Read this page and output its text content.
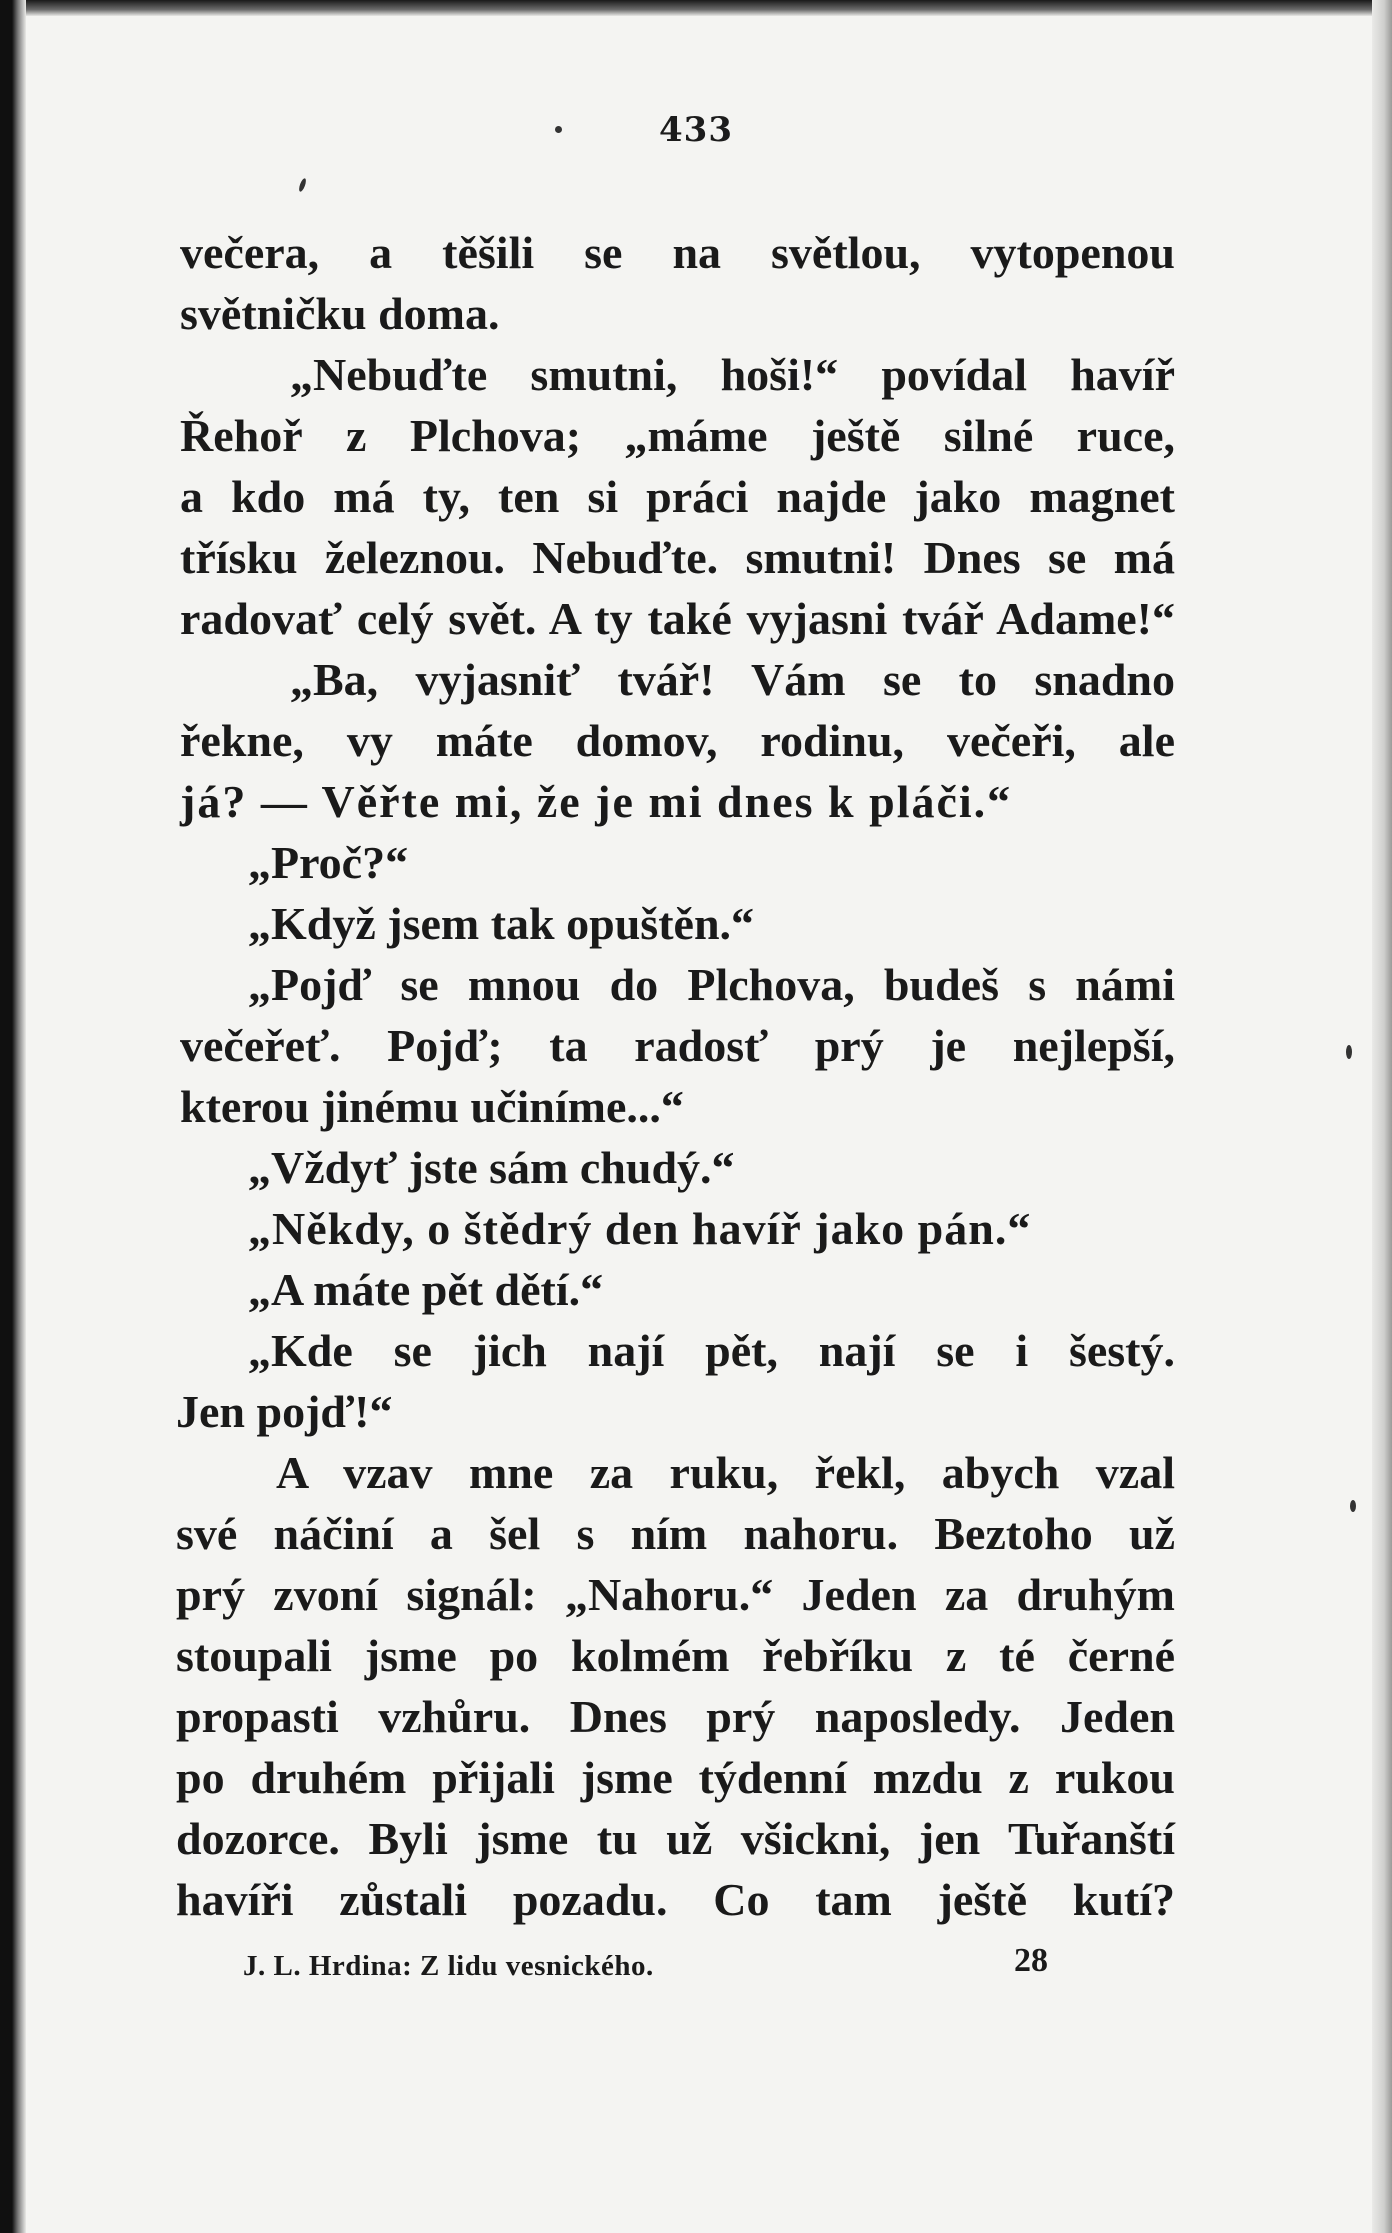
433
večera, a těšili se na světlou, vytopenou
světničku doma.
„Nebuďte smutni, hoši!“ povídal havíř
Řehoř z Plchova; „máme ještě silné ruce,
a kdo má ty, ten si práci najde jako magnet
třísku železnou. Nebuďte. smutni! Dnes se má
radovať celý svět. A ty také vyjasni tvář Adame!“
„Ba, vyjasniť tvář! Vám se to snadno
řekne, vy máte domov, rodinu, večeři, ale
já? — Věřte mi, že je mi dnes k pláči.“
„Proč?“
„Když jsem tak opuštěn.“
„Pojď se mnou do Plchova, budeš s námi
večeřeť. Pojď; ta radosť prý je nejlepší,
kterou jinému učiníme...“
„Vždyť jste sám chudý.“
„Někdy, o štědrý den havíř jako pán.“
„A máte pět dětí.“
„Kde se jich nají pět, nají se i šestý.
Jen pojď!“
A vzav mne za ruku, řekl, abych vzal
své náčiní a šel s ním nahoru. Beztoho už
prý zvoní signál: „Nahoru.“ Jeden za druhým
stoupali jsme po kolmém řebříku z té černé
propasti vzhůru. Dnes prý naposledy. Jeden
po druhém přijali jsme týdenní mzdu z rukou
dozorce. Byli jsme tu už všickni, jen Tuřanští
havíři zůstali pozadu. Co tam ještě kutí?
J. L. Hrdina: Z lidu vesnického.	28
